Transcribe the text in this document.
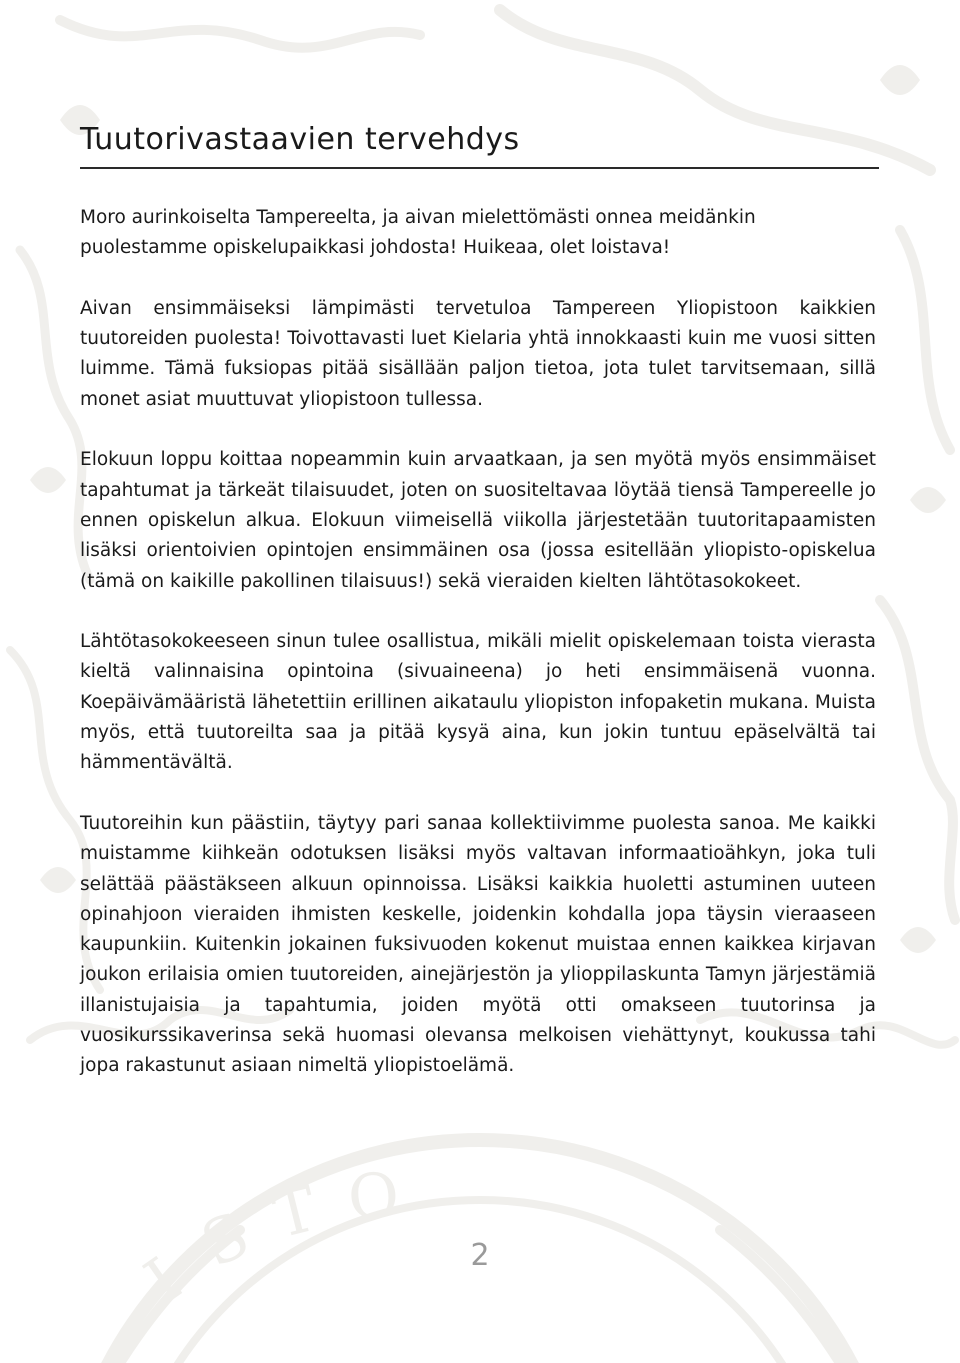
I
S T O
Tuutorivastaavien tervehdys

Moro aurinkoiselta Tampereelta, ja aivan mielettömästi onnea meidänkin puolestamme opiskelupaikkasi johdosta! Huikeaa, olet loistava!

Aivan ensimmäiseksi lämpimästi tervetuloa Tampereen Yliopistoon kaikkien tuutoreiden puolesta! Toivottavasti luet Kielaria yhtä innokkaasti kuin me vuosi sitten luimme. Tämä fuksiopas pitää sisällään paljon tietoa, jota tulet tarvitsemaan, sillä monet asiat muuttuvat yliopistoon tullessa.

Elokuun loppu koittaa nopeammin kuin arvaatkaan, ja sen myötä myös ensimmäiset tapahtumat ja tärkeät tilaisuudet, joten on suositeltavaa löytää tiensä Tampereelle jo ennen opiskelun alkua. Elokuun viimeisellä viikolla järjestetään tuutoritapaamisten lisäksi orientoivien opintojen ensimmäinen osa (jossa esitellään yliopisto-opiskelua (tämä on kaikille pakollinen tilaisuus!) sekä vieraiden kielten lähtötasokokeet.

Lähtötasokokeeseen sinun tulee osallistua, mikäli mielit opiskelemaan toista vierasta kieltä valinnaisina opintoina (sivuaineena) jo heti ensimmäisenä vuonna. Koepäivämääristä lähetettiin erillinen aikataulu yliopiston infopaketin mukana. Muista myös, että tuutoreilta saa ja pitää kysyä aina, kun jokin tuntuu epäselvältä tai hämmentävältä.

Tuutoreihin kun päästiin, täytyy pari sanaa kollektiivimme puolesta sanoa. Me kaikki muistamme kiihkeän odotuksen lisäksi myös valtavan informaatioähkyn, joka tuli selättää päästäkseen alkuun opinnoissa. Lisäksi kaikkia huoletti astuminen uuteen opinahjoon vieraiden ihmisten keskelle, joidenkin kohdalla jopa täysin vieraaseen kaupunkiin. Kuitenkin jokainen fuksivuoden kokenut muistaa ennen kaikkea kirjavan joukon erilaisia omien tuutoreiden, ainejärjestön ja ylioppilaskunta Tamyn järjestämiä illanistujaisia ja tapahtumia, joiden myötä otti omakseen tuutorinsa ja vuosikurssikaverinsa sekä huomasi olevansa melkoisen viehättynyt, koukussa tahi jopa rakastunut asiaan nimeltä yliopistoelämä.

2
